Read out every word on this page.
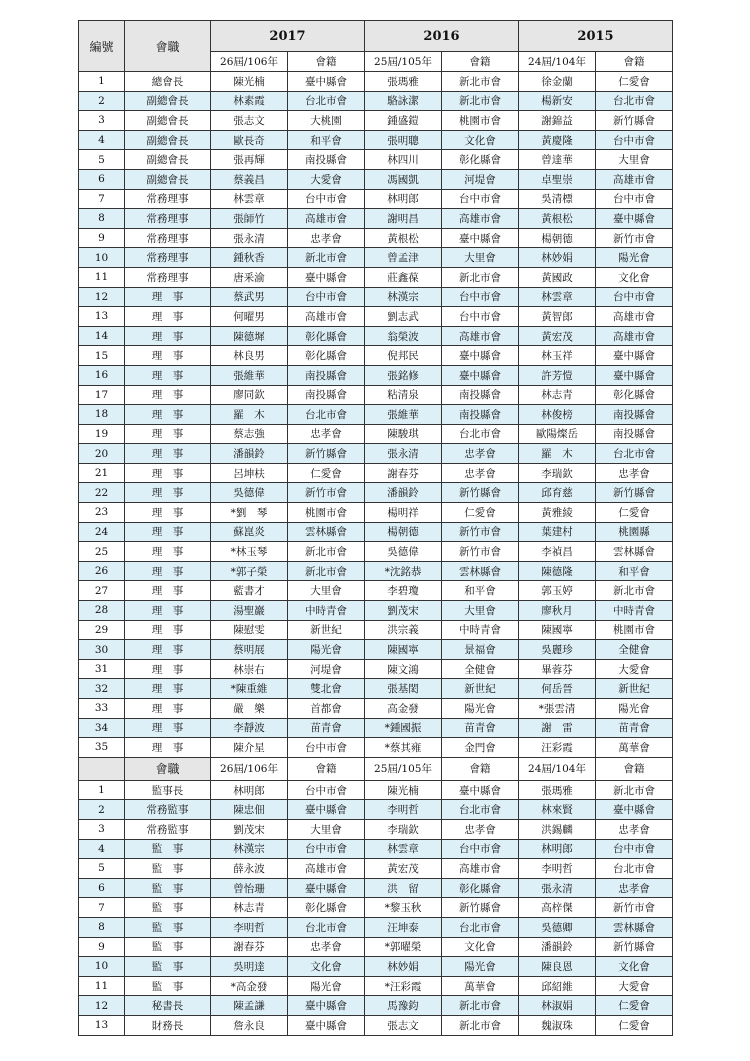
編號	會職	2017		2016		2015	
		26屆/106年	會籍	25屆/105年	會籍	24屆/104年	會籍
1	總會長	陳光楠	臺中縣會	張瑪雅	新北市會	徐金蘭	仁愛會
2	副總會長	林素霞	台北市會	駱詠潔	新北市會	楊新安	台北市會
3	副總會長	張志文	大桃園	鍾盛鎧	桃園市會	謝錦益	新竹縣會
4	副總會長	歐長奇	和平會	張明聰	文化會	黃慶隆	台中市會
5	副總會長	張再輝	南投縣會	林四川	彰化縣會	曾達華	大里會
6	副總會長	蔡義昌	大愛會	馮國凱	河堤會	卓聖崇	高雄市會
7	常務理事	林雲章	台中市會	林明郎	台中市會	吳清標	台中市會
8	常務理事	張師竹	高雄市會	謝明昌	高雄市會	黃根松	臺中縣會
9	常務理事	張永清	忠孝會	黃根松	臺中縣會	楊朝德	新竹市會
10	常務理事	鍾秋香	新北市會	曾孟津	大里會	林妙娟	陽光會
11	常務理事	唐釆渝	臺中縣會	莊鑫葆	新北市會	黃國政	文化會
12	理　事	蔡武男	台中市會	林漢宗	台中市會	林雲章	台中市會
13	理　事	何曜男	高雄市會	劉志武	台中市會	黃智郎	高雄市會
14	理　事	陳德墀	彰化縣會	翁榮波	高雄市會	黃宏茂	高雄市會
15	理　事	林良男	彰化縣會	倪邦民	臺中縣會	林玉祥	臺中縣會
16	理　事	張維華	南投縣會	張銘修	臺中縣會	許芳愷	臺中縣會
17	理　事	廖同欽	南投縣會	粘清泉	南投縣會	林志青	彰化縣會
18	理　事	羅　木	台北市會	張維華	南投縣會	林俊榜	南投縣會
19	理　事	蔡志強	忠孝會	陳駿琪	台北市會	歐陽燦岳	南投縣會
20	理　事	潘韻鈴	新竹縣會	張永清	忠孝會	羅　木	台北市會
21	理　事	呂坤枎	仁愛會	謝春芬	忠孝會	李瑞欽	忠孝會
22	理　事	吳德偉	新竹市會	潘韻鈴	新竹縣會	邱育慈	新竹縣會
23	理　事	*劉　琴	桃園市會	楊明祥	仁愛會	黃雅綾	仁愛會
24	理　事	蘇崑炎	雲林縣會	楊朝德	新竹市會	葉建村	桃園縣
25	理　事	*林玉琴	新北市會	吳德偉	新竹市會	李禎昌	雲林縣會
26	理　事	*郭子榮	新北市會	*沈銘恭	雲林縣會	陳德隆	和平會
27	理　事	藍書才	大里會	李碧瓊	和平會	郭玉婷	新北市會
28	理　事	湯聖巖	中時青會	劉茂宋	大里會	廖秋月	中時青會
29	理　事	陳慰雯	新世紀	洪宗義	中時青會	陳國寧	桃園市會
30	理　事	蔡明展	陽光會	陳國寧	景福會	吳麗珍	全健會
31	理　事	林崇右	河堤會	陳文鴻	全健會	畢蓉芬	大愛會
32	理　事	*陳重維	雙北會	張基閎	新世紀	何岳晉	新世紀
33	理　事	嚴　樂	首都會	高金發	陽光會	*張雲清	陽光會
34	理　事	李靜波	苗青會	*鍾國振	苗青會	謝　雷	苗青會
35	理　事	陳介星	台中市會	*蔡其雍	金門會	汪彩霞	萬華會
	會職	26屆/106年	會籍	25屆/105年	會籍	24屆/104年	會籍
1	監事長	林明郎	台中市會	陳光楠	臺中縣會	張瑪雅	新北市會
2	常務監事	陳忠佃	臺中縣會	李明哲	台北市會	林來賢	臺中縣會
3	常務監事	劉茂宋	大里會	李瑞欽	忠孝會	洪錫麟	忠孝會
4	監　事	林漢宗	台中市會	林雲章	台中市會	林明郎	台中市會
5	監　事	薛永波	高雄市會	黃宏茂	高雄市會	李明哲	台北市會
6	監　事	曾怡珊	臺中縣會	洪　留	彰化縣會	張永清	忠孝會
7	監　事	林志青	彰化縣會	*黎玉秋	新竹縣會	高梓傑	新竹市會
8	監　事	李明哲	台北市會	汪坤泰	台北市會	吳德卿	雲林縣會
9	監　事	謝春芬	忠孝會	*郭曜榮	文化會	潘韻鈴	新竹縣會
10	監　事	吳明達	文化會	林妙娟	陽光會	陳良恩	文化會
11	監　事	*高金發	陽光會	*汪彩霞	萬華會	邱紹維	大愛會
12	秘書長	陳孟謙	臺中縣會	馬豫鈞	新北市會	林淑娟	仁愛會
13	財務長	詹永良	臺中縣會	張志文	新北市會	魏淑珠	仁愛會
